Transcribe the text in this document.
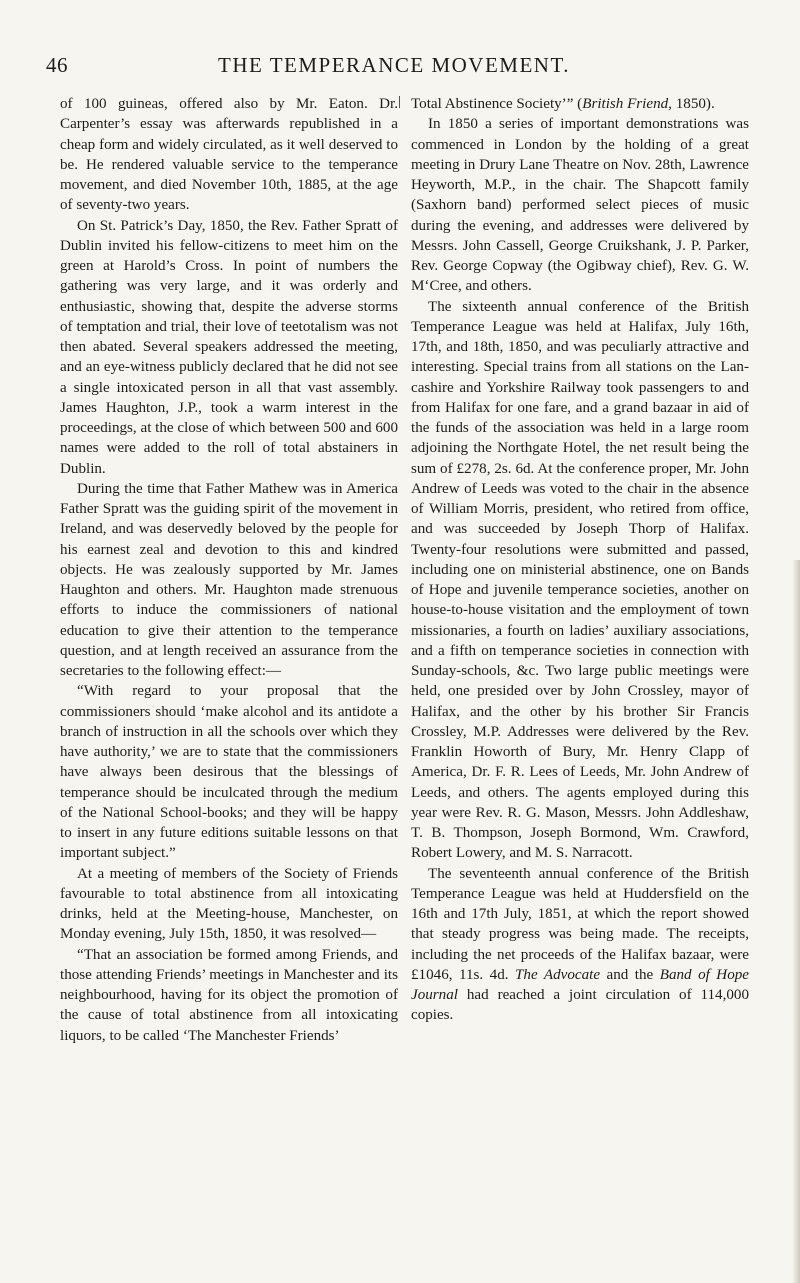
46	THE TEMPERANCE MOVEMENT.

of 100 guineas, offered also by Mr. Eaton. Dr. Carpenter’s essay was afterwards republished in a cheap form and widely circulated, as it well deserved to be. He rendered valuable service to the temperance movement, and died November 10th, 1885, at the age of seventy-two years.

On St. Patrick’s Day, 1850, the Rev. Father Spratt of Dublin invited his fellow-citizens to meet him on the green at Harold’s Cross. In point of numbers the gathering was very large, and it was orderly and enthusiastic, showing that, despite the adverse storms of temptation and trial, their love of teetotalism was not then abated. Several speakers addressed the meeting, and an eye-witness publicly declared that he did not see a single intoxicated person in all that vast assembly. James Haughton, J.P., took a warm interest in the proceedings, at the close of which between 500 and 600 names were added to the roll of total abstainers in Dublin.

During the time that Father Mathew was in America Father Spratt was the guiding spirit of the movement in Ireland, and was deservedly beloved by the people for his earnest zeal and devotion to this and kindred objects. He was zealously supported by Mr. James Haughton and others. Mr. Haughton made strenuous efforts to induce the commissioners of national education to give their attention to the temperance question, and at length received an assurance from the secretaries to the following effect:—

“With regard to your proposal that the commissioners should ‘make alcohol and its antidote a branch of instruction in all the schools over which they have authority,’ we are to state that the commissioners have always been desirous that the blessings of temperance should be inculcated through the medium of the National School-books; and they will be happy to insert in any future editions suitable lessons on that important subject.”

At a meeting of members of the Society of Friends favourable to total abstinence from all intoxicating drinks, held at the Meeting-house, Manchester, on Monday evening, July 15th, 1850, it was resolved—

“That an association be formed among Friends, and those attending Friends’ meetings in Manchester and its neighbourhood, having for its object the promotion of the cause of total abstinence from all intoxicating liquors, to be called ‘The Manchester Friends’

Total Abstinence Society’” (British Friend, 1850).

In 1850 a series of important demonstrations was commenced in London by the holding of a great meeting in Drury Lane Theatre on Nov. 28th, Lawrence Heyworth, M.P., in the chair. The Shapcott family (Saxhorn band) performed select pieces of music during the evening, and addresses were delivered by Messrs. John Cassell, George Cruikshank, J. P. Parker, Rev. George Copway (the Ogibway chief), Rev. G. W. M‘Cree, and others.

The sixteenth annual conference of the British Temperance League was held at Halifax, July 16th, 17th, and 18th, 1850, and was peculiarly attractive and interesting. Special trains from all stations on the Lancashire and Yorkshire Railway took passengers to and from Halifax for one fare, and a grand bazaar in aid of the funds of the association was held in a large room adjoining the Northgate Hotel, the net result being the sum of £278, 2s. 6d. At the conference proper, Mr. John Andrew of Leeds was voted to the chair in the absence of William Morris, president, who retired from office, and was succeeded by Joseph Thorp of Halifax. Twenty-four resolutions were submitted and passed, including one on ministerial abstinence, one on Bands of Hope and juvenile temperance societies, another on house-to-house visitation and the employment of town missionaries, a fourth on ladies’ auxiliary associations, and a fifth on temperance societies in connection with Sunday-schools, &c. Two large public meetings were held, one presided over by John Crossley, mayor of Halifax, and the other by his brother Sir Francis Crossley, M.P. Addresses were delivered by the Rev. Franklin Howorth of Bury, Mr. Henry Clapp of America, Dr. F. R. Lees of Leeds, Mr. John Andrew of Leeds, and others. The agents employed during this year were Rev. R. G. Mason, Messrs. John Addleshaw, T. B. Thompson, Joseph Bormond, Wm. Crawford, Robert Lowery, and M. S. Narracott.

The seventeenth annual conference of the British Temperance League was held at Huddersfield on the 16th and 17th July, 1851, at which the report showed that steady progress was being made. The receipts, including the net proceeds of the Halifax bazaar, were £1046, 11s. 4d. The Advocate and the Band of Hope Journal had reached a joint circulation of 114,000 copies.
